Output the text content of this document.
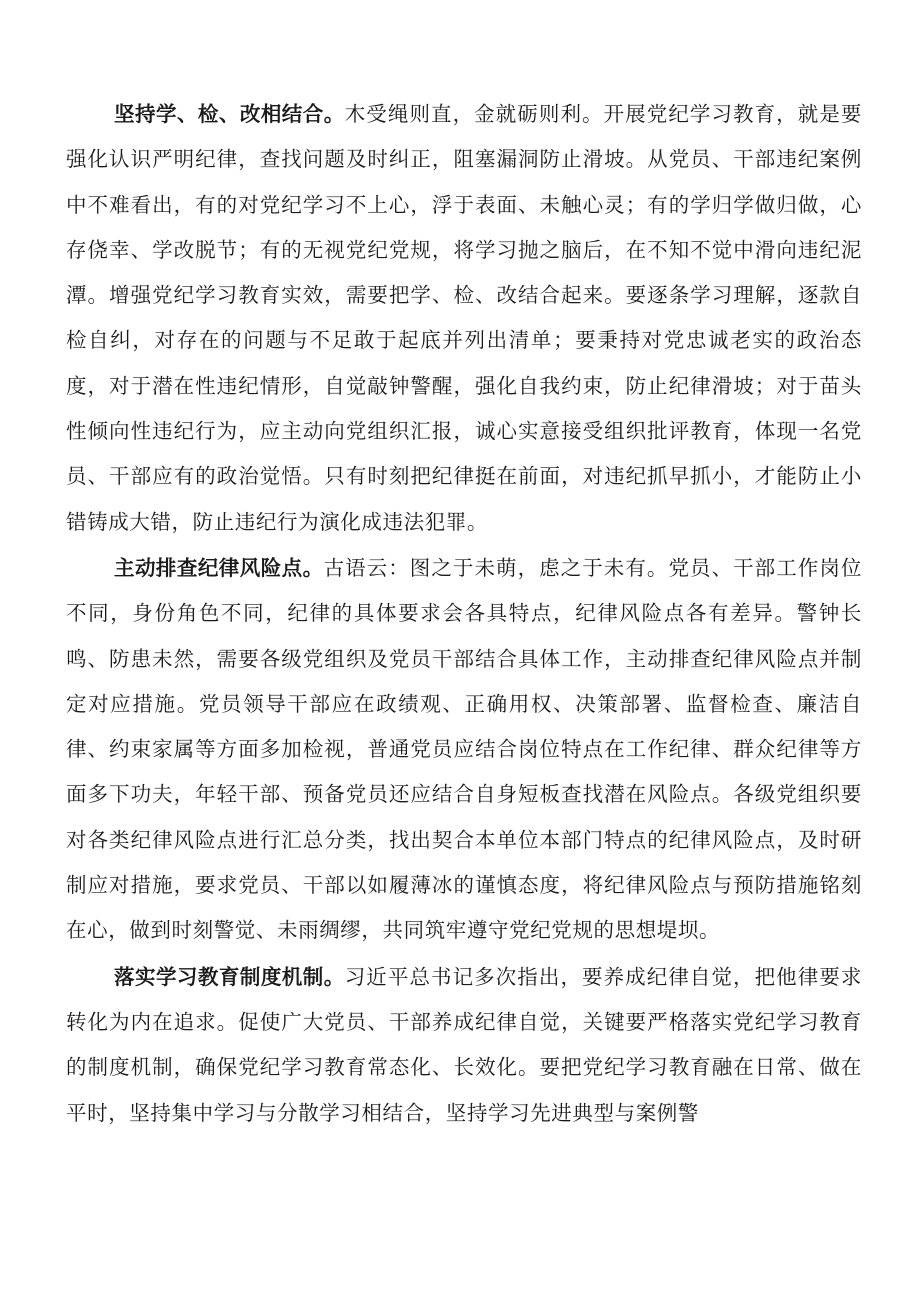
坚持学、检、改相结合。木受绳则直，金就砺则利。开展党纪学习教育，就是要强化认识严明纪律，查找问题及时纠正，阻塞漏洞防止滑坡。从党员、干部违纪案例中不难看出，有的对党纪学习不上心，浮于表面、未触心灵；有的学归学做归做，心存侥幸、学改脱节；有的无视党纪党规，将学习抛之脑后，在不知不觉中滑向违纪泥潭。增强党纪学习教育实效，需要把学、检、改结合起来。要逐条学习理解，逐款自检自纠，对存在的问题与不足敢于起底并列出清单；要秉持对党忠诚老实的政治态度，对于潜在性违纪情形，自觉敲钟警醒，强化自我约束，防止纪律滑坡；对于苗头性倾向性违纪行为，应主动向党组织汇报，诚心实意接受组织批评教育，体现一名党员、干部应有的政治觉悟。只有时刻把纪律挺在前面，对违纪抓早抓小，才能防止小错铸成大错，防止违纪行为演化成违法犯罪。

主动排查纪律风险点。古语云：图之于未萌，虑之于未有。党员、干部工作岗位不同，身份角色不同，纪律的具体要求会各具特点，纪律风险点各有差异。警钟长鸣、防患未然，需要各级党组织及党员干部结合具体工作，主动排查纪律风险点并制定对应措施。党员领导干部应在政绩观、正确用权、决策部署、监督检查、廉洁自律、约束家属等方面多加检视，普通党员应结合岗位特点在工作纪律、群众纪律等方面多下功夫，年轻干部、预备党员还应结合自身短板查找潜在风险点。各级党组织要对各类纪律风险点进行汇总分类，找出契合本单位本部门特点的纪律风险点，及时研制应对措施，要求党员、干部以如履薄冰的谨慎态度，将纪律风险点与预防措施铭刻在心，做到时刻警觉、未雨绸缪，共同筑牢遵守党纪党规的思想堤坝。

落实学习教育制度机制。习近平总书记多次指出，要养成纪律自觉，把他律要求转化为内在追求。促使广大党员、干部养成纪律自觉，关键要严格落实党纪学习教育的制度机制，确保党纪学习教育常态化、长效化。要把党纪学习教育融在日常、做在平时，坚持集中学习与分散学习相结合，坚持学习先进典型与案例警
